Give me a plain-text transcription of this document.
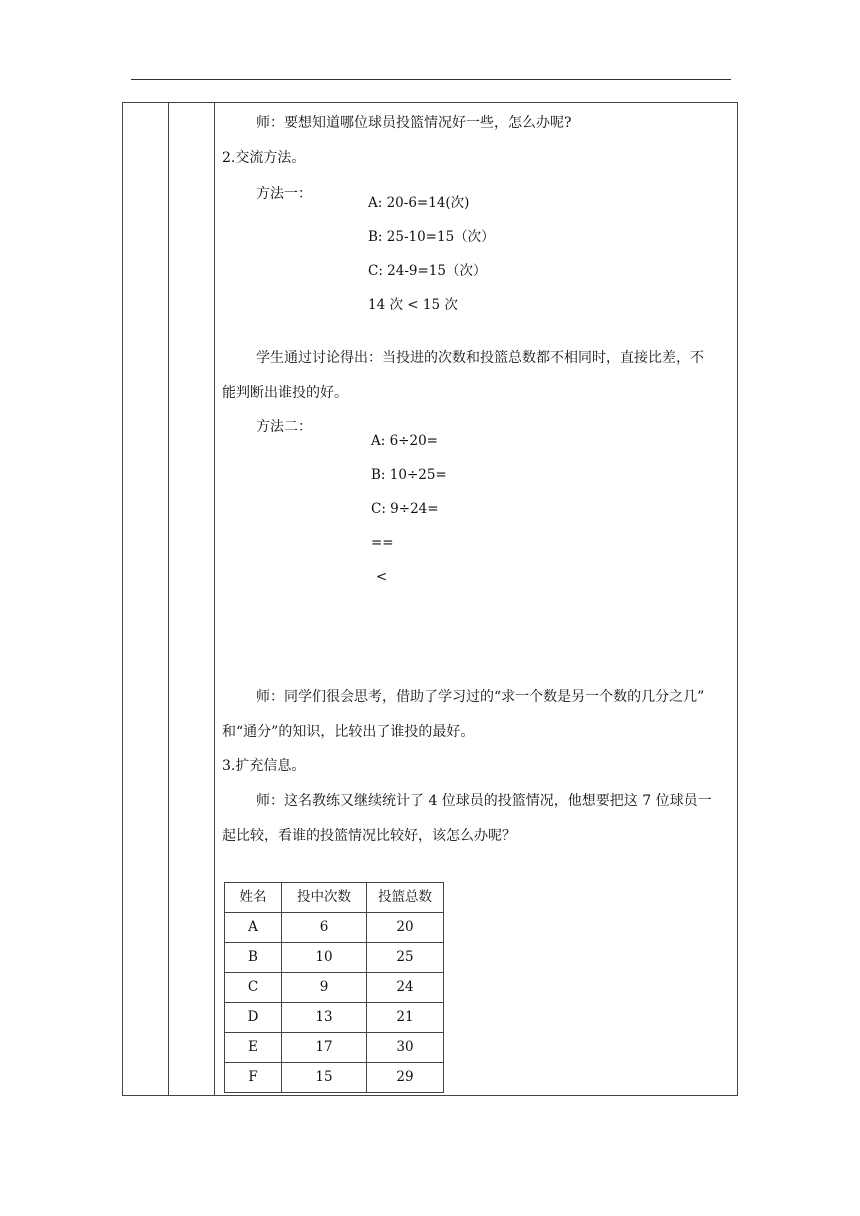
师：要想知道哪位球员投篮情况好一些，怎么办呢?
2.交流方法。
方法一：
A: 20-6=14(次)
B: 25-10=15（次）
C: 24-9=15（次）
14 次 < 15 次
学生通过讨论得出：当投进的次数和投篮总数都不相同时，直接比差，不
能判断出谁投的好。
方法二：
A: 6÷20=
B: 10÷25=
C: 9÷24=
==
<
师：同学们很会思考，借助了学习过的“求一个数是另一个数的几分之几”
和“通分”的知识，比较出了谁投的最好。
3.扩充信息。
师：这名教练又继续统计了 4 位球员的投篮情况，他想要把这 7 位球员一
起比较，看谁的投篮情况比较好，该怎么办呢？
姓名	投中次数	投篮总数
A	6	20
B	10	25
C	9	24
D	13	21
E	17	30
F	15	29
